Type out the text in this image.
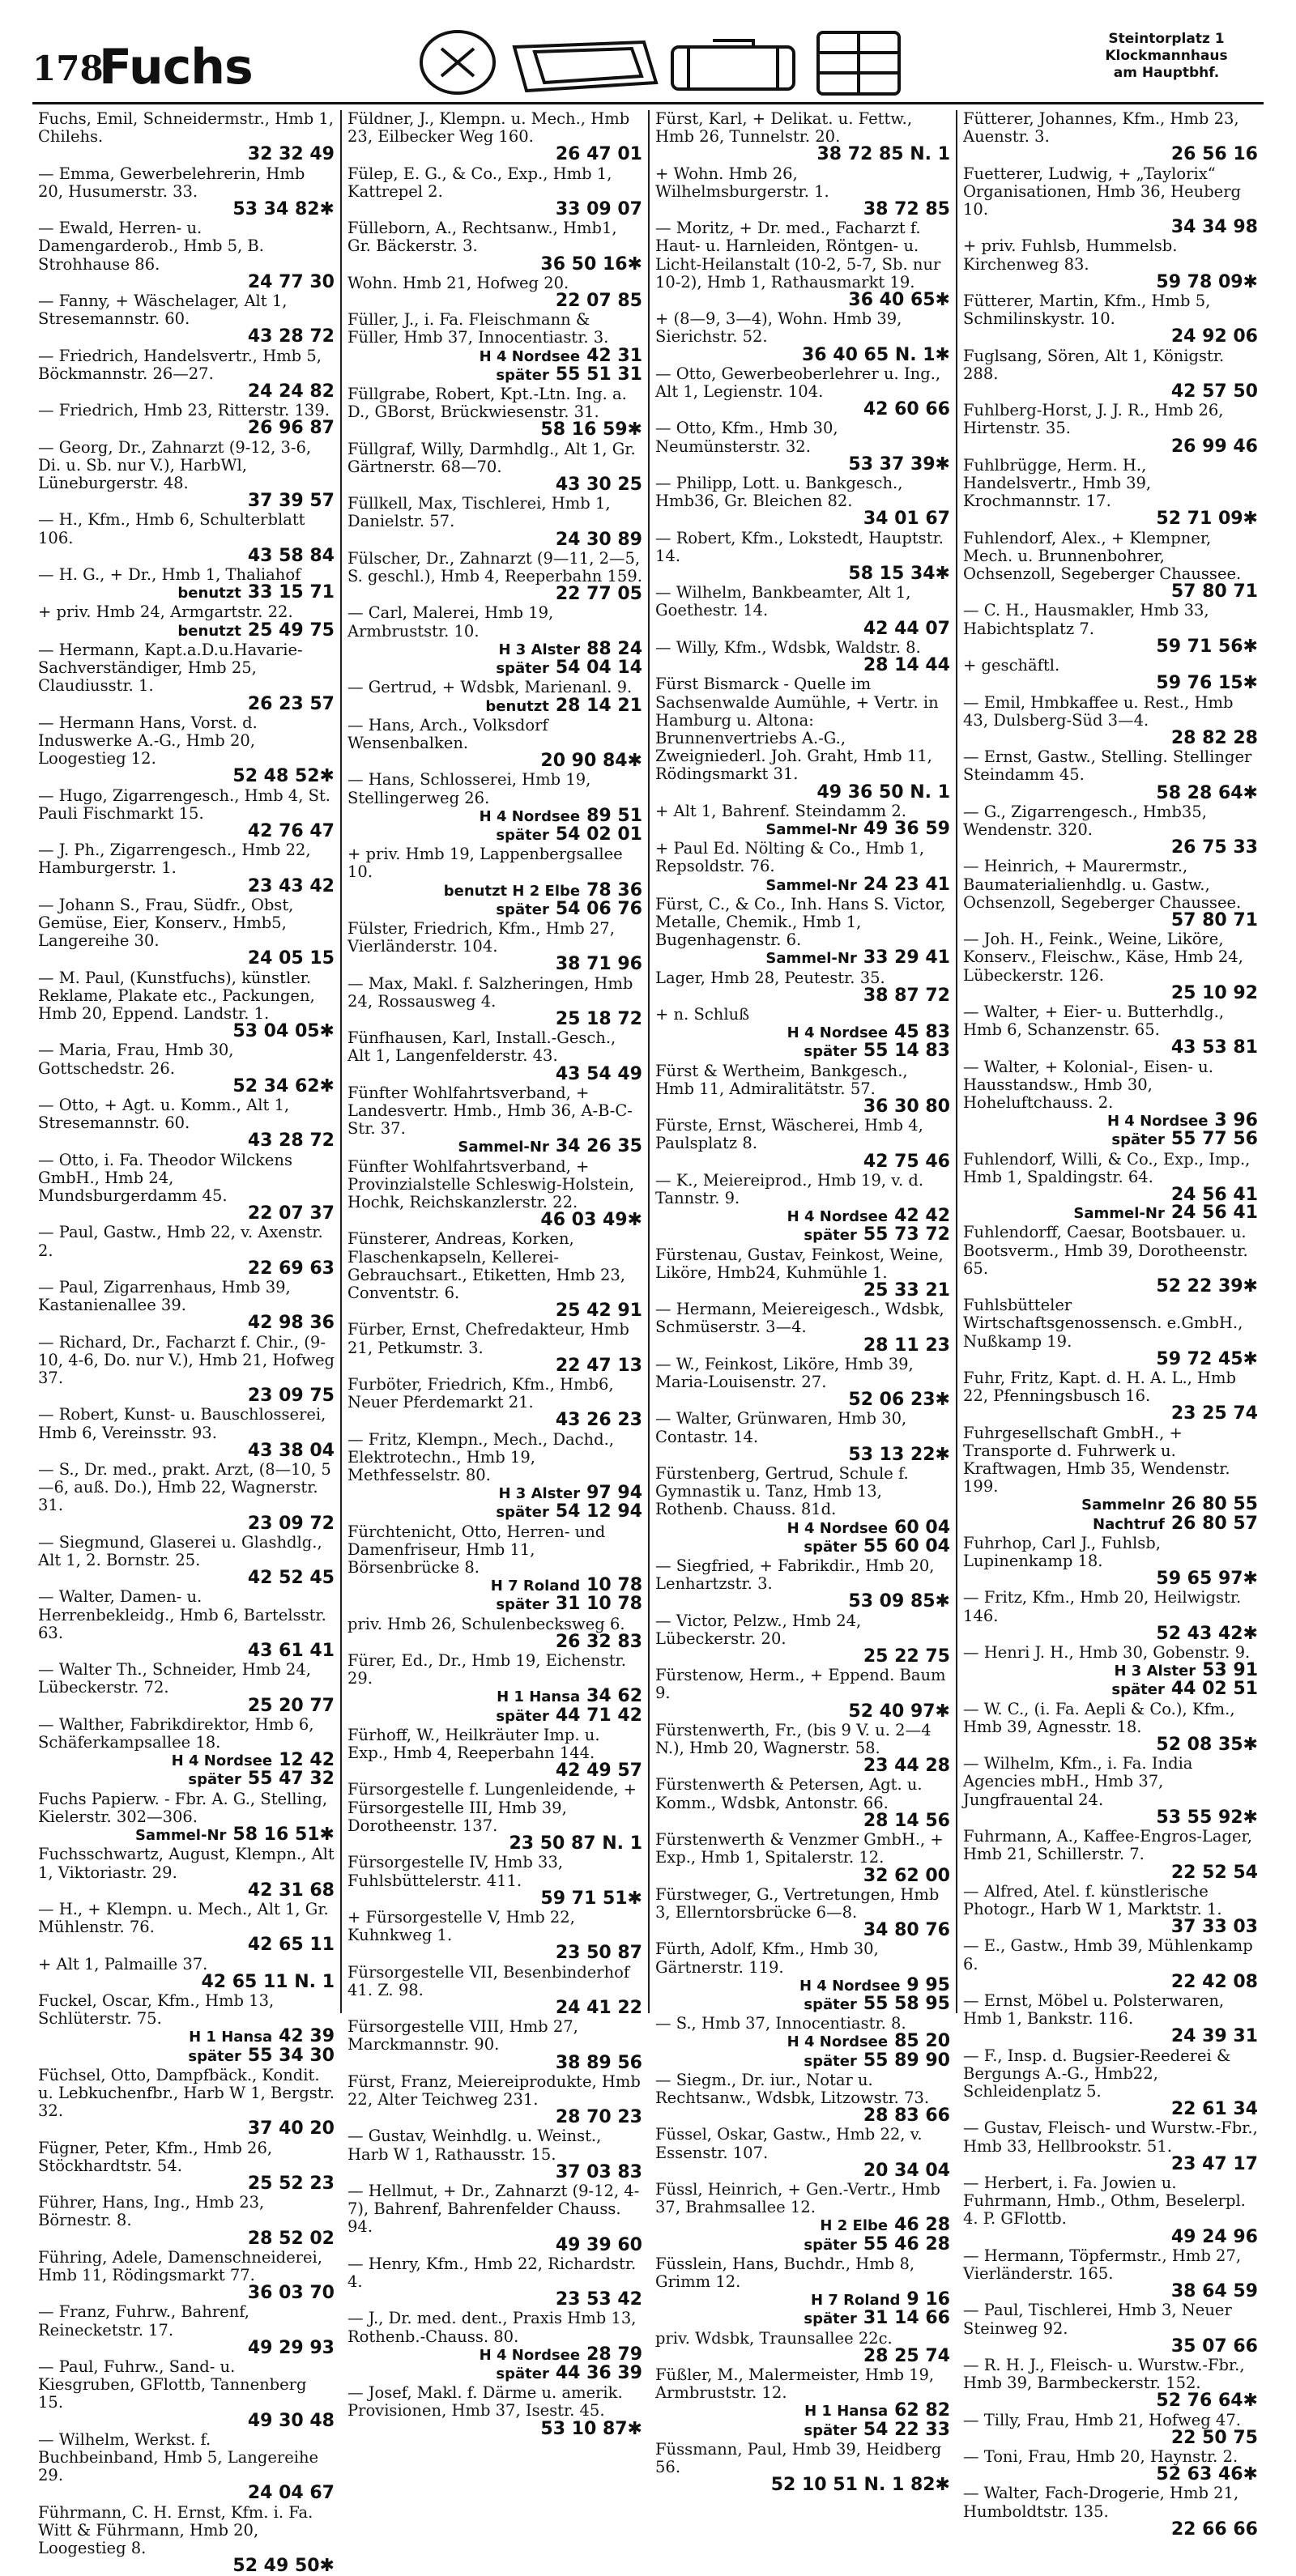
178
Fuchs	Steintorplatz 1
Klockmannhaus
am Hauptbhf.
Fuchs, Emil, Schneidermstr., Hmb 1, Chilehs.
32 32 49
— Emma, Gewerbelehrerin, Hmb 20, Husumerstr. 33.
53 34 82✱
— Ewald, Herren- u. Damengarderob., Hmb 5, B. Strohhause 86.
24 77 30
— Fanny, + Wäschelager, Alt 1, Stresemannstr. 60.
43 28 72
— Friedrich, Handelsvertr., Hmb 5, Böckmannstr. 26—27.
24 24 82
— Friedrich, Hmb 23, Ritterstr. 139.
26 96 87
— Georg, Dr., Zahnarzt (9-12, 3-6, Di. u. Sb. nur V.), HarbWl, Lüneburgerstr. 48.
37 39 57
— H., Kfm., Hmb 6, Schulterblatt 106.
43 58 84
— H. G., + Dr., Hmb 1, Thaliahof
benutzt 33 15 71
+ priv. Hmb 24, Armgartstr. 22.
benutzt 25 49 75
— Hermann, Kapt.a.D.u.Havarie-Sachverständiger, Hmb 25, Claudiusstr. 1.
26 23 57
— Hermann Hans, Vorst. d. Induswerke A.-G., Hmb 20, Loogestieg 12.
52 48 52✱
— Hugo, Zigarrengesch., Hmb 4, St. Pauli Fischmarkt 15.
42 76 47
— J. Ph., Zigarrengesch., Hmb 22, Hamburgerstr. 1.
23 43 42
— Johann S., Frau, Südfr., Obst, Gemüse, Eier, Konserv., Hmb5, Langereihe 30.
24 05 15
— M. Paul, (Kunstfuchs), künstler. Reklame, Plakate etc., Packungen, Hmb 20, Eppend. Landstr. 1.
53 04 05✱
— Maria, Frau, Hmb 30, Gottschedstr. 26.
52 34 62✱
— Otto, + Agt. u. Komm., Alt 1, Stresemannstr. 60.
43 28 72
— Otto, i. Fa. Theodor Wilckens GmbH., Hmb 24, Mundsburgerdamm 45.
22 07 37
— Paul, Gastw., Hmb 22, v. Axenstr. 2.
22 69 63
— Paul, Zigarrenhaus, Hmb 39, Kastanienallee 39.
42 98 36
— Richard, Dr., Facharzt f. Chir., (9-10, 4-6, Do. nur V.), Hmb 21, Hofweg 37.
23 09 75
— Robert, Kunst- u. Bauschlosserei, Hmb 6, Vereinsstr. 93.
43 38 04
— S., Dr. med., prakt. Arzt, (8—10, 5—6, auß. Do.), Hmb 22, Wagnerstr. 31.
23 09 72
— Siegmund, Glaserei u. Glashdlg., Alt 1, 2. Bornstr. 25.
42 52 45
— Walter, Damen- u. Herrenbekleidg., Hmb 6, Bartelsstr. 63.
43 61 41
— Walter Th., Schneider, Hmb 24, Lübeckerstr. 72.
25 20 77
— Walther, Fabrikdirektor, Hmb 6, Schäferkampsallee 18.
H 4 Nordsee 12 42
später 55 47 32
Fuchs Papierw. - Fbr. A. G., Stelling, Kielerstr. 302—306.
Sammel-Nr 58 16 51✱
Fuchsschwartz, August, Klempn., Alt 1, Viktoriastr. 29.
42 31 68
— H., + Klempn. u. Mech., Alt 1, Gr. Mühlenstr. 76.
42 65 11
+ Alt 1, Palmaille 37.
42 65 11 N. 1
Fuckel, Oscar, Kfm., Hmb 13, Schlüterstr. 75.
H 1 Hansa 42 39
später 55 34 30
Füchsel, Otto, Dampfbäck., Kondit. u. Lebkuchenfbr., Harb W 1, Bergstr. 32.
37 40 20
Fügner, Peter, Kfm., Hmb 26, Stöckhardtstr. 54.
25 52 23
Führer, Hans, Ing., Hmb 23, Börnestr. 8.
28 52 02
Führing, Adele, Damenschneiderei, Hmb 11, Rödingsmarkt 77.
36 03 70
— Franz, Fuhrw., Bahrenf, Reinecketstr. 17.
49 29 93
— Paul, Fuhrw., Sand- u. Kiesgruben, GFlottb, Tannenberg 15.
49 30 48
— Wilhelm, Werkst. f. Buchbeinband, Hmb 5, Langereihe 29.
24 04 67
Führmann, C. H. Ernst, Kfm. i. Fa. Witt & Führmann, Hmb 20, Loogestieg 8.
52 49 50✱
Füldner, J., Klempn. u. Mech., Hmb 23, Eilbecker Weg 160.
26 47 01
Fülep, E. G., & Co., Exp., Hmb 1, Kattrepel 2.
33 09 07
Fülleborn, A., Rechtsanw., Hmb1, Gr. Bäckerstr. 3.
36 50 16✱
Wohn. Hmb 21, Hofweg 20.
22 07 85
Füller, J., i. Fa. Fleischmann & Füller, Hmb 37, Innocentiastr. 3.
H 4 Nordsee 42 31
später 55 51 31
Füllgrabe, Robert, Kpt.-Ltn. Ing. a. D., GBorst, Brückwiesenstr. 31.
58 16 59✱
Füllgraf, Willy, Darmhdlg., Alt 1, Gr. Gärtnerstr. 68—70.
43 30 25
Füllkell, Max, Tischlerei, Hmb 1, Danielstr. 57.
24 30 89
Fülscher, Dr., Zahnarzt (9—11, 2—5, S. geschl.), Hmb 4, Reeperbahn 159.
22 77 05
— Carl, Malerei, Hmb 19, Armbruststr. 10.
H 3 Alster 88 24
später 54 04 14
— Gertrud, + Wdsbk, Marienanl. 9.
benutzt 28 14 21
— Hans, Arch., Volksdorf Wensenbalken.
20 90 84✱
— Hans, Schlosserei, Hmb 19, Stellingerweg 26.
H 4 Nordsee 89 51
später 54 02 01
+ priv. Hmb 19, Lappenbergsallee 10.
benutzt H 2 Elbe 78 36
später 54 06 76
Fülster, Friedrich, Kfm., Hmb 27, Vierländerstr. 104.
38 71 96
— Max, Makl. f. Salzheringen, Hmb 24, Rossausweg 4.
25 18 72
Fünfhausen, Karl, Install.-Gesch., Alt 1, Langenfelderstr. 43.
43 54 49
Fünfter Wohlfahrtsverband, + Landesvertr. Hmb., Hmb 36, A-B-C-Str. 37.
Sammel-Nr 34 26 35
Fünfter Wohlfahrtsverband, + Provinzialstelle Schleswig-Holstein, Hochk, Reichskanzlerstr. 22.
46 03 49✱
Fünsterer, Andreas, Korken, Flaschenkapseln, Kellerei-Gebrauchsart., Etiketten, Hmb 23, Conventstr. 6.
25 42 91
Fürber, Ernst, Chefredakteur, Hmb 21, Petkumstr. 3.
22 47 13
Furböter, Friedrich, Kfm., Hmb6, Neuer Pferdemarkt 21.
43 26 23
— Fritz, Klempn., Mech., Dachd., Elektrotechn., Hmb 19, Methfesselstr. 80.
H 3 Alster 97 94
später 54 12 94
Fürchtenicht, Otto, Herren- und Damenfriseur, Hmb 11, Börsenbrücke 8.
H 7 Roland 10 78
später 31 10 78
priv. Hmb 26, Schulenbecksweg 6.
26 32 83
Fürer, Ed., Dr., Hmb 19, Eichenstr. 29.
H 1 Hansa 34 62
später 44 71 42
Fürhoff, W., Heilkräuter Imp. u. Exp., Hmb 4, Reeperbahn 144.
42 49 57
Fürsorgestelle f. Lungenleidende, + Fürsorgestelle III, Hmb 39, Dorotheenstr. 137.
23 50 87 N. 1
Fürsorgestelle IV, Hmb 33, Fuhlsbüttelerstr. 411.
59 71 51✱
+ Fürsorgestelle V, Hmb 22, Kuhnkweg 1.
23 50 87
Fürsorgestelle VII, Besenbinderhof 41. Z. 98.
24 41 22
Fürsorgestelle VIII, Hmb 27, Marckmannstr. 90.
38 89 56
Fürst, Franz, Meiereiprodukte, Hmb 22, Alter Teichweg 231.
28 70 23
— Gustav, Weinhdlg. u. Weinst., Harb W 1, Rathausstr. 15.
37 03 83
— Hellmut, + Dr., Zahnarzt (9-12, 4-7), Bahrenf, Bahrenfelder Chauss. 94.
49 39 60
— Henry, Kfm., Hmb 22, Richardstr. 4.
23 53 42
— J., Dr. med. dent., Praxis Hmb 13, Rothenb.-Chauss. 80.
H 4 Nordsee 28 79
später 44 36 39
— Josef, Makl. f. Därme u. amerik. Provisionen, Hmb 37, Isestr. 45.
53 10 87✱
Fürst, Karl, + Delikat. u. Fettw., Hmb 26, Tunnelstr. 20.
38 72 85 N. 1
+ Wohn. Hmb 26, Wilhelmsburgerstr. 1.
38 72 85
— Moritz, + Dr. med., Facharzt f. Haut- u. Harnleiden, Röntgen- u. Licht-Heilanstalt (10-2, 5-7, Sb. nur 10-2), Hmb 1, Rathausmarkt 19.
36 40 65✱
+ (8—9, 3—4), Wohn. Hmb 39, Sierichstr. 52.
36 40 65 N. 1✱
— Otto, Gewerbeoberlehrer u. Ing., Alt 1, Legienstr. 104.
42 60 66
— Otto, Kfm., Hmb 30, Neumünsterstr. 32.
53 37 39✱
— Philipp, Lott. u. Bankgesch., Hmb36, Gr. Bleichen 82.
34 01 67
— Robert, Kfm., Lokstedt, Hauptstr. 14.
58 15 34✱
— Wilhelm, Bankbeamter, Alt 1, Goethestr. 14.
42 44 07
— Willy, Kfm., Wdsbk, Waldstr. 8.
28 14 44
Fürst Bismarck - Quelle im Sachsenwalde Aumühle, + Vertr. in Hamburg u. Altona: Brunnenvertriebs A.-G., Zweigniederl. Joh. Graht, Hmb 11, Rödingsmarkt 31.
49 36 50 N. 1
+ Alt 1, Bahrenf. Steindamm 2.
Sammel-Nr 49 36 59
+ Paul Ed. Nölting & Co., Hmb 1, Repsoldstr. 76.
Sammel-Nr 24 23 41
Fürst, C., & Co., Inh. Hans S. Victor, Metalle, Chemik., Hmb 1, Bugenhagenstr. 6.
Sammel-Nr 33 29 41
Lager, Hmb 28, Peutestr. 35.
38 87 72
+ n. Schluß
H 4 Nordsee 45 83
später 55 14 83
Fürst & Wertheim, Bankgesch., Hmb 11, Admiralitätstr. 57.
36 30 80
Fürste, Ernst, Wäscherei, Hmb 4, Paulsplatz 8.
42 75 46
— K., Meiereiprod., Hmb 19, v. d. Tannstr. 9.
H 4 Nordsee 42 42
später 55 73 72
Fürstenau, Gustav, Feinkost, Weine, Liköre, Hmb24, Kuhmühle 1.
25 33 21
— Hermann, Meiereigesch., Wdsbk, Schmüserstr. 3—4.
28 11 23
— W., Feinkost, Liköre, Hmb 39, Maria-Louisenstr. 27.
52 06 23✱
— Walter, Grünwaren, Hmb 30, Contastr. 14.
53 13 22✱
Fürstenberg, Gertrud, Schule f. Gymnastik u. Tanz, Hmb 13, Rothenb. Chauss. 81d.
H 4 Nordsee 60 04
später 55 60 04
— Siegfried, + Fabrikdir., Hmb 20, Lenhartzstr. 3.
53 09 85✱
— Victor, Pelzw., Hmb 24, Lübeckerstr. 20.
25 22 75
Fürstenow, Herm., + Eppend. Baum 9.
52 40 97✱
Fürstenwerth, Fr., (bis 9 V. u. 2—4 N.), Hmb 20, Wagnerstr. 58.
23 44 28
Fürstenwerth & Petersen, Agt. u. Komm., Wdsbk, Antonstr. 66.
28 14 56
Fürstenwerth & Venzmer GmbH., + Exp., Hmb 1, Spitalerstr. 12.
32 62 00
Fürstweger, G., Vertretungen, Hmb 3, Ellerntorsbrücke 6—8.
34 80 76
Fürth, Adolf, Kfm., Hmb 30, Gärtnerstr. 119.
H 4 Nordsee 9 95
später 55 58 95
— S., Hmb 37, Innocentiastr. 8.
H 4 Nordsee 85 20
später 55 89 90
— Siegm., Dr. iur., Notar u. Rechtsanw., Wdsbk, Litzowstr. 73.
28 83 66
Füssel, Oskar, Gastw., Hmb 22, v. Essenstr. 107.
20 34 04
Füssl, Heinrich, + Gen.-Vertr., Hmb 37, Brahmsallee 12.
H 2 Elbe 46 28
später 55 46 28
Füsslein, Hans, Buchdr., Hmb 8, Grimm 12.
H 7 Roland 9 16
später 31 14 66
priv. Wdsbk, Traunsallee 22c.
28 25 74
Füßler, M., Malermeister, Hmb 19, Armbruststr. 12.
H 1 Hansa 62 82
später 54 22 33
Füssmann, Paul, Hmb 39, Heidberg 56.
52 10 51 N. 1 82✱
Fütterer, Johannes, Kfm., Hmb 23, Auenstr. 3.
26 56 16
Fuetterer, Ludwig, + „Taylorix“ Organisationen, Hmb 36, Heuberg 10.
34 34 98
+ priv. Fuhlsb, Hummelsb. Kirchenweg 83.
59 78 09✱
Fütterer, Martin, Kfm., Hmb 5, Schmilinskystr. 10.
24 92 06
Fuglsang, Sören, Alt 1, Königstr. 288.
42 57 50
Fuhlberg-Horst, J. J. R., Hmb 26, Hirtenstr. 35.
26 99 46
Fuhlbrügge, Herm. H., Handelsvertr., Hmb 39, Krochmannstr. 17.
52 71 09✱
Fuhlendorf, Alex., + Klempner, Mech. u. Brunnenbohrer, Ochsenzoll, Segeberger Chaussee.
57 80 71
— C. H., Hausmakler, Hmb 33, Habichtsplatz 7.
59 71 56✱
+ geschäftl.
59 76 15✱
— Emil, Hmbkaffee u. Rest., Hmb 43, Dulsberg-Süd 3—4.
28 82 28
— Ernst, Gastw., Stelling. Stellinger Steindamm 45.
58 28 64✱
— G., Zigarrengesch., Hmb35, Wendenstr. 320.
26 75 33
— Heinrich, + Maurermstr., Baumaterialienhdlg. u. Gastw., Ochsenzoll, Segeberger Chaussee.
57 80 71
— Joh. H., Feink., Weine, Liköre, Konserv., Fleischw., Käse, Hmb 24, Lübeckerstr. 126.
25 10 92
— Walter, + Eier- u. Butterhdlg., Hmb 6, Schanzenstr. 65.
43 53 81
— Walter, + Kolonial-, Eisen- u. Hausstandsw., Hmb 30, Hoheluftchauss. 2.
H 4 Nordsee 3 96
später 55 77 56
Fuhlendorf, Willi, & Co., Exp., Imp., Hmb 1, Spaldingstr. 64.
24 56 41
Sammel-Nr 24 56 41
Fuhlendorff, Caesar, Bootsbauer. u. Bootsverm., Hmb 39, Dorotheenstr. 65.
52 22 39✱
Fuhlsbütteler Wirtschaftsgenossensch. e.GmbH., Nußkamp 19.
59 72 45✱
Fuhr, Fritz, Kapt. d. H. A. L., Hmb 22, Pfenningsbusch 16.
23 25 74
Fuhrgesellschaft GmbH., + Transporte d. Fuhrwerk u. Kraftwagen, Hmb 35, Wendenstr. 199.
Sammelnr 26 80 55
Nachtruf 26 80 57
Fuhrhop, Carl J., Fuhlsb, Lupinenkamp 18.
59 65 97✱
— Fritz, Kfm., Hmb 20, Heilwigstr. 146.
52 43 42✱
— Henri J. H., Hmb 30, Gobenstr. 9.
H 3 Alster 53 91
später 44 02 51
— W. C., (i. Fa. Aepli & Co.), Kfm., Hmb 39, Agnesstr. 18.
52 08 35✱
— Wilhelm, Kfm., i. Fa. India Agencies mbH., Hmb 37, Jungfrauental 24.
53 55 92✱
Fuhrmann, A., Kaffee-Engros-Lager, Hmb 21, Schillerstr. 7.
22 52 54
— Alfred, Atel. f. künstlerische Photogr., Harb W 1, Marktstr. 1.
37 33 03
— E., Gastw., Hmb 39, Mühlenkamp 6.
22 42 08
— Ernst, Möbel u. Polsterwaren, Hmb 1, Bankstr. 116.
24 39 31
— F., Insp. d. Bugsier-Reederei & Bergungs A.-G., Hmb22, Schleidenplatz 5.
22 61 34
— Gustav, Fleisch- und Wurstw.-Fbr., Hmb 33, Hellbrookstr. 51.
23 47 17
— Herbert, i. Fa. Jowien u. Fuhrmann, Hmb., Othm, Beselerpl. 4. P. GFlottb.
49 24 96
— Hermann, Töpfermstr., Hmb 27, Vierländerstr. 165.
38 64 59
— Paul, Tischlerei, Hmb 3, Neuer Steinweg 92.
35 07 66
— R. H. J., Fleisch- u. Wurstw.-Fbr., Hmb 39, Barmbeckerstr. 152.
52 76 64✱
— Tilly, Frau, Hmb 21, Hofweg 47.
22 50 75
— Toni, Frau, Hmb 20, Haynstr. 2.
52 63 46✱
— Walter, Fach-Drogerie, Hmb 21, Humboldtstr. 135.
22 66 66
